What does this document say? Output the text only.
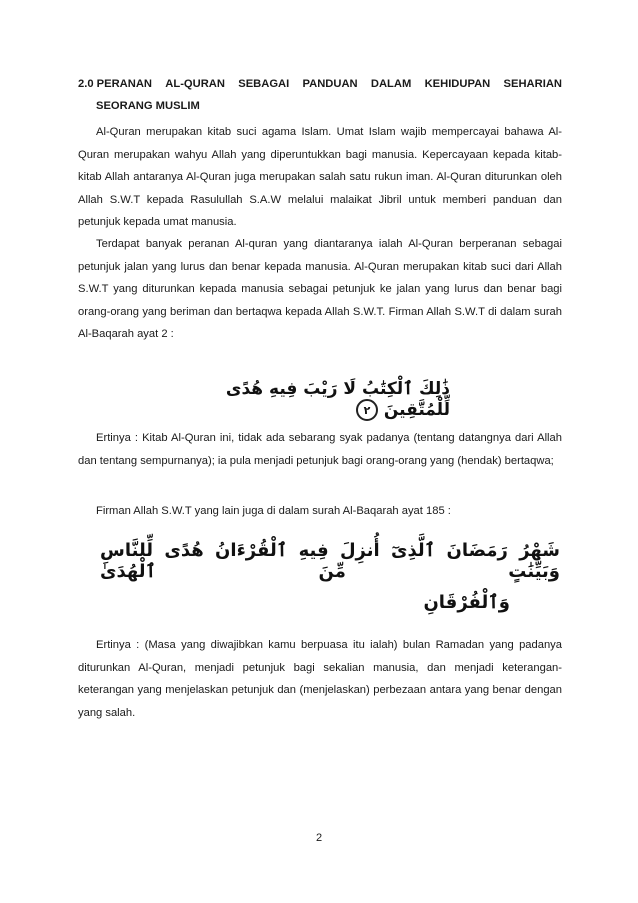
2.0 PERANAN AL-QURAN SEBAGAI PANDUAN DALAM KEHIDUPAN SEHARIAN
SEORANG MUSLIM

Al-Quran merupakan kitab suci agama Islam. Umat Islam wajib mempercayai bahawa Al-Quran merupakan wahyu Allah yang diperuntukkan bagi manusia. Kepercayaan kepada kitab-kitab Allah antaranya Al-Quran juga merupakan salah satu rukun iman. Al-Quran diturunkan oleh Allah S.W.T kepada Rasulullah S.A.W melalui malaikat Jibril untuk memberi panduan dan petunjuk kepada umat manusia.

Terdapat banyak peranan Al-quran yang diantaranya ialah Al-Quran berperanan sebagai petunjuk jalan yang lurus dan benar kepada manusia. Al-Quran merupakan kitab suci dari Allah S.W.T yang diturunkan kepada manusia sebagai petunjuk ke jalan yang lurus dan benar bagi orang-orang yang beriman dan bertaqwa kepada Allah S.W.T. Firman Allah S.W.T di dalam surah Al-Baqarah ayat 2 :

ذَٰلِكَ ٱلْكِتَٰبُ لَا رَيْبَ فِيهِ هُدًى لِّلْمُتَّقِينَ ٢

Ertinya : Kitab Al-Quran ini, tidak ada sebarang syak padanya (tentang datangnya dari Allah dan tentang sempurnanya); ia pula menjadi petunjuk bagi orang-orang yang (hendak) bertaqwa;

Firman Allah S.W.T yang lain juga di dalam surah Al-Baqarah ayat 185 :

شَهْرُ رَمَضَانَ ٱلَّذِىٓ أُنزِلَ فِيهِ ٱلْقُرْءَانُ هُدًى لِّلنَّاسِ وَبَيِّنَٰتٍ مِّنَ ٱلْهُدَىٰ
وَٱلْفُرْقَانِ

Ertinya : (Masa yang diwajibkan kamu berpuasa itu ialah) bulan Ramadan yang padanya diturunkan Al-Quran, menjadi petunjuk bagi sekalian manusia, dan menjadi keterangan-keterangan yang menjelaskan petunjuk dan (menjelaskan) perbezaan antara yang benar dengan yang salah.

2
